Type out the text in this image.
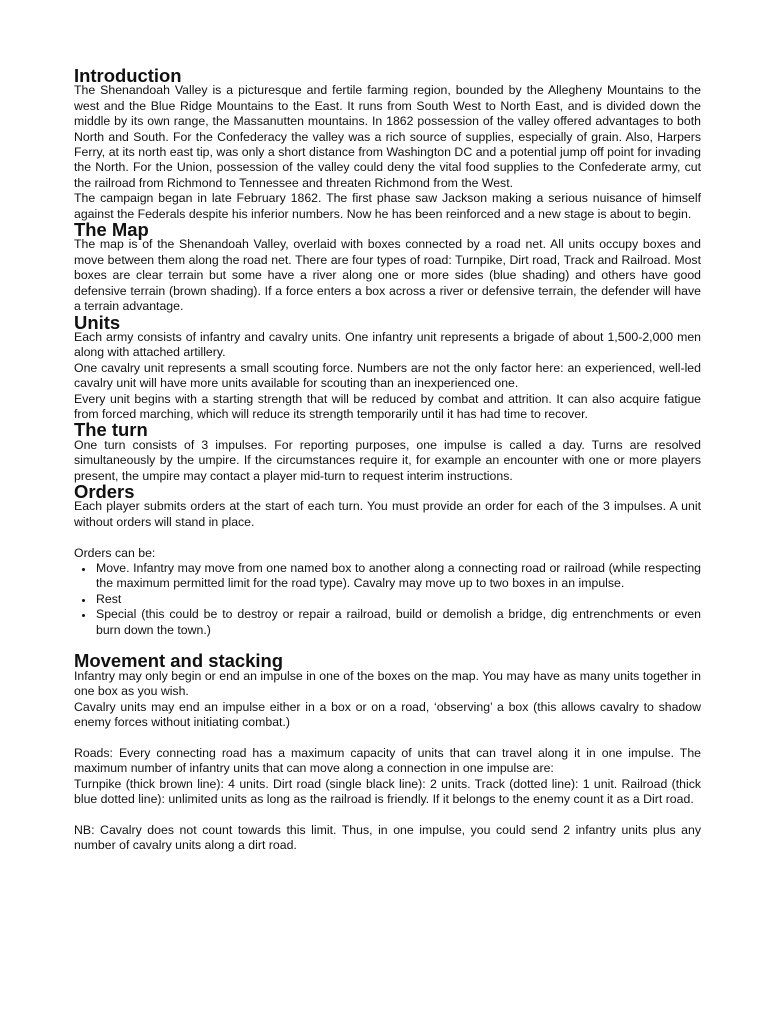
Introduction

The Shenandoah Valley is a picturesque and fertile farming region, bounded by the Allegheny Mountains to the west and the Blue Ridge Mountains to the East. It runs from South West to North East, and is divided down the middle by its own range, the Massanutten mountains. In 1862 possession of the valley offered advantages to both North and South. For the Confederacy the valley was a rich source of supplies, especially of grain. Also, Harpers Ferry, at its north east tip, was only a short distance from Washington DC and a potential jump off point for invading the North. For the Union, possession of the valley could deny the vital food supplies to the Confederate army, cut the railroad from Richmond to Tennessee and threaten Richmond from the West.

The campaign began in late February 1862. The first phase saw Jackson making a serious nuisance of himself against the Federals despite his inferior numbers. Now he has been reinforced and a new stage is about to begin.

The Map

The map is of the Shenandoah Valley, overlaid with boxes connected by a road net. All units occupy boxes and move between them along the road net. There are four types of road: Turnpike, Dirt road, Track and Railroad. Most boxes are clear terrain but some have a river along one or more sides (blue shading) and others have good defensive terrain (brown shading). If a force enters a box across a river or defensive terrain, the defender will have a terrain advantage.

Units

Each army consists of infantry and cavalry units. One infantry unit represents a brigade of about 1,500-2,000 men along with attached artillery.

One cavalry unit represents a small scouting force. Numbers are not the only factor here: an experienced, well-led cavalry unit will have more units available for scouting than an inexperienced one.

Every unit begins with a starting strength that will be reduced by combat and attrition. It can also acquire fatigue from forced marching, which will reduce its strength temporarily until it has had time to recover.

The turn

One turn consists of 3 impulses. For reporting purposes, one impulse is called a day. Turns are resolved simultaneously by the umpire. If the circumstances require it, for example an encounter with one or more players present, the umpire may contact a player mid-turn to request interim instructions.

Orders

Each player submits orders at the start of each turn. You must provide an order for each of the 3 impulses. A unit without orders will stand in place.

Orders can be:

Move. Infantry may move from one named box to another along a connecting road or railroad (while respecting the maximum permitted limit for the road type). Cavalry may move up to two boxes in an impulse.
Rest
Special (this could be to destroy or repair a railroad, build or demolish a bridge, dig entrenchments or even burn down the town.)
Movement and stacking

Infantry may only begin or end an impulse in one of the boxes on the map. You may have as many units together in one box as you wish.

Cavalry units may end an impulse either in a box or on a road, ‘observing’ a box (this allows cavalry to shadow enemy forces without initiating combat.)

Roads: Every connecting road has a maximum capacity of units that can travel along it in one impulse. The maximum number of infantry units that can move along a connection in one impulse are:

Turnpike (thick brown line): 4 units. Dirt road (single black line): 2 units. Track (dotted line): 1 unit. Railroad (thick blue dotted line): unlimited units as long as the railroad is friendly. If it belongs to the enemy count it as a Dirt road.

NB: Cavalry does not count towards this limit. Thus, in one impulse, you could send 2 infantry units plus any number of cavalry units along a dirt road.
